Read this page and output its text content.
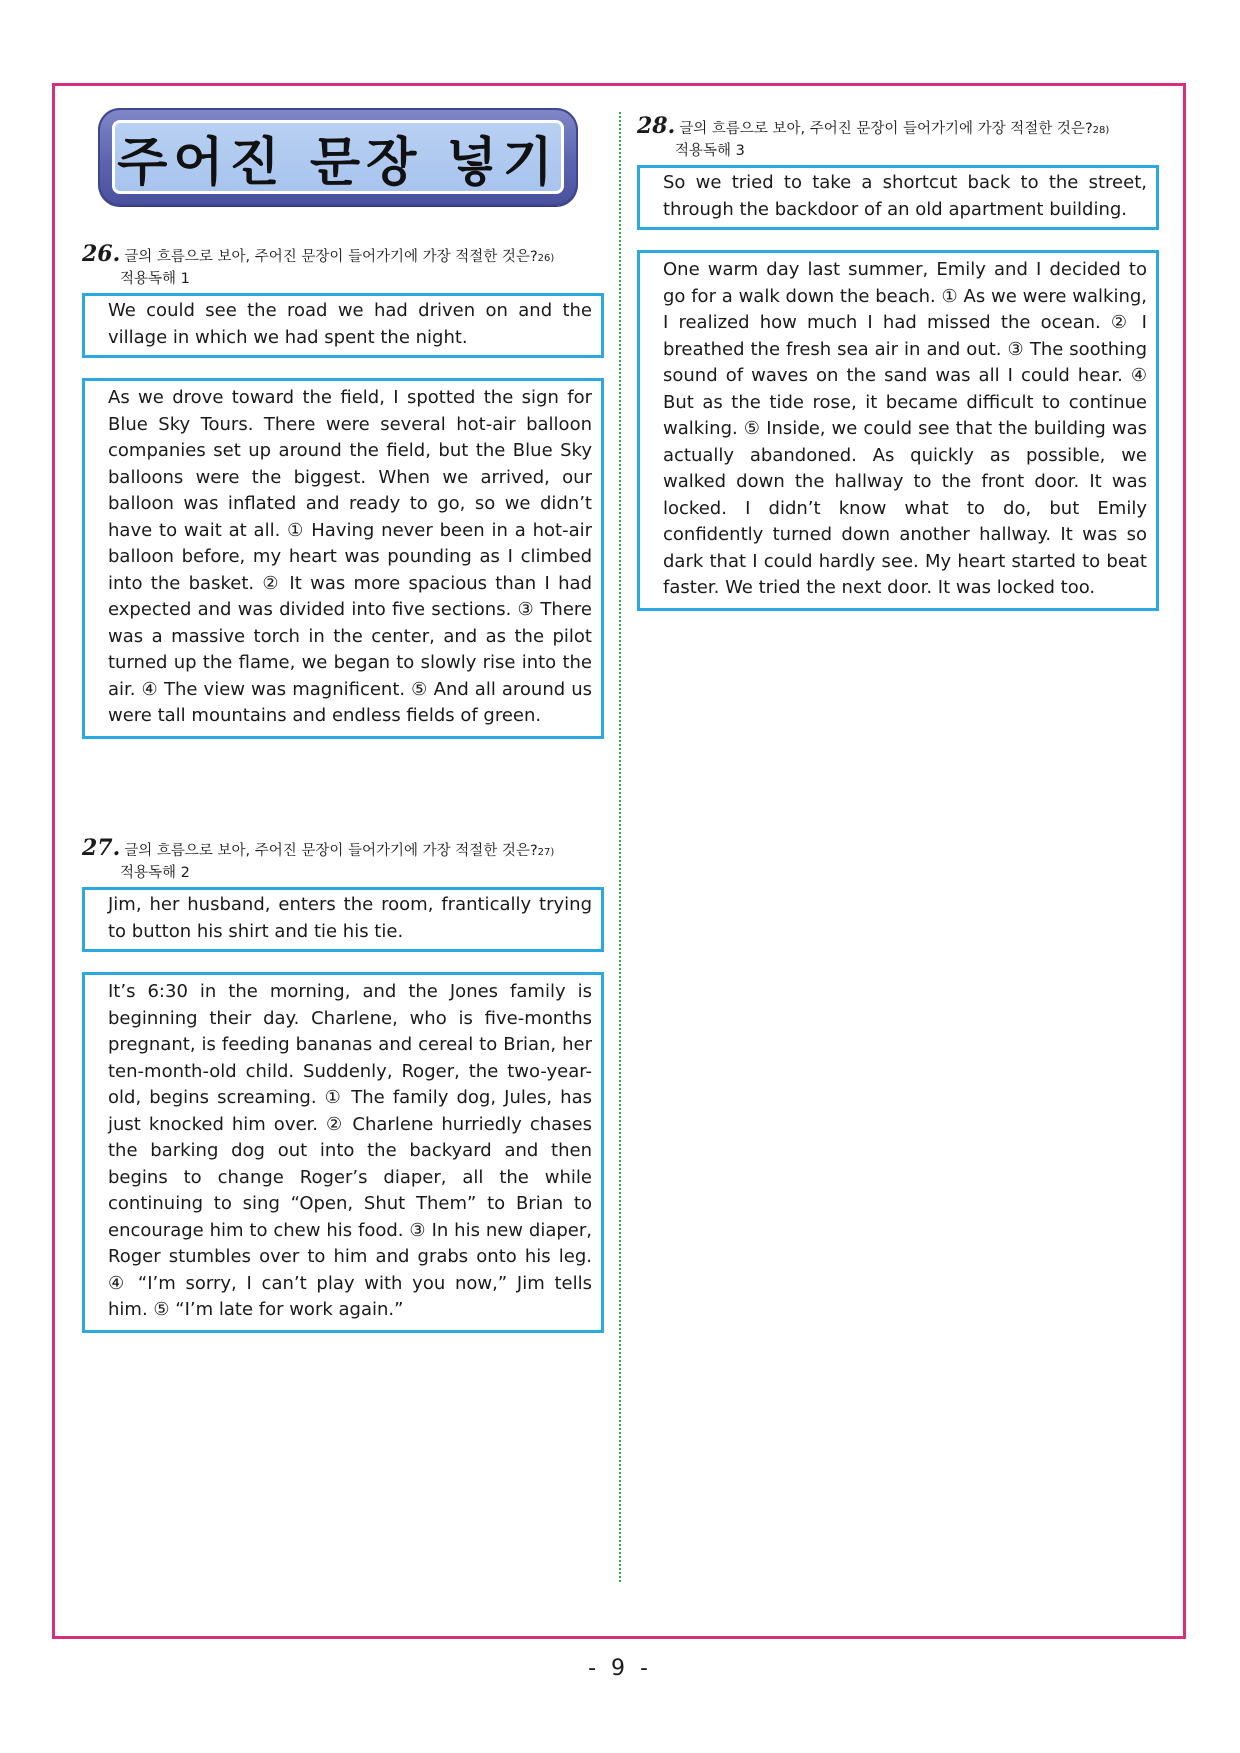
주어진 문장 넣기
26. 글의 흐름으로 보아, 주어진 문장이 들어가기에 가장 적절한 것은? 26)
적용독해 1
We could see the road we had driven on and the village in which we had spent the night.
As we drove toward the field, I spotted the sign for Blue Sky Tours. There were several hot-air balloon companies set up around the field, but the Blue Sky balloons were the biggest. When we arrived, our balloon was inflated and ready to go, so we didn’t have to wait at all. ① Having never been in a hot-air balloon before, my heart was pounding as I climbed into the basket. ② It was more spacious than I had expected and was divided into five sections. ③ There was a massive torch in the center, and as the pilot turned up the flame, we began to slowly rise into the air. ④ The view was magnificent. ⑤ And all around us were tall mountains and endless fields of green.
27. 글의 흐름으로 보아, 주어진 문장이 들어가기에 가장 적절한 것은? 27)
적용독해 2
Jim, her husband, enters the room, frantically trying to button his shirt and tie his tie.
It’s 6:30 in the morning, and the Jones family is beginning their day. Charlene, who is five-months pregnant, is feeding bananas and cereal to Brian, her ten-month-old child. Suddenly, Roger, the two-year-old, begins screaming. ① The family dog, Jules, has just knocked him over. ② Charlene hurriedly chases the barking dog out into the backyard and then begins to change Roger’s diaper, all the while continuing to sing “Open, Shut Them” to Brian to encourage him to chew his food. ③ In his new diaper, Roger stumbles over to him and grabs onto his leg. ④ “I’m sorry, I can’t play with you now,” Jim tells him. ⑤ “I’m late for work again.”
28. 글의 흐름으로 보아, 주어진 문장이 들어가기에 가장 적절한 것은? 28)
적용독해 3
So we tried to take a shortcut back to the street, through the backdoor of an old apartment building.
One warm day last summer, Emily and I decided to go for a walk down the beach. ① As we were walking, I realized how much I had missed the ocean. ② I breathed the fresh sea air in and out. ③ The soothing sound of waves on the sand was all I could hear. ④ But as the tide rose, it became difficult to continue walking. ⑤ Inside, we could see that the building was actually abandoned. As quickly as possible, we walked down the hallway to the front door. It was locked. I didn’t know what to do, but Emily confidently turned down another hallway. It was so dark that I could hardly see. My heart started to beat faster. We tried the next door. It was locked too.
- 9 -
